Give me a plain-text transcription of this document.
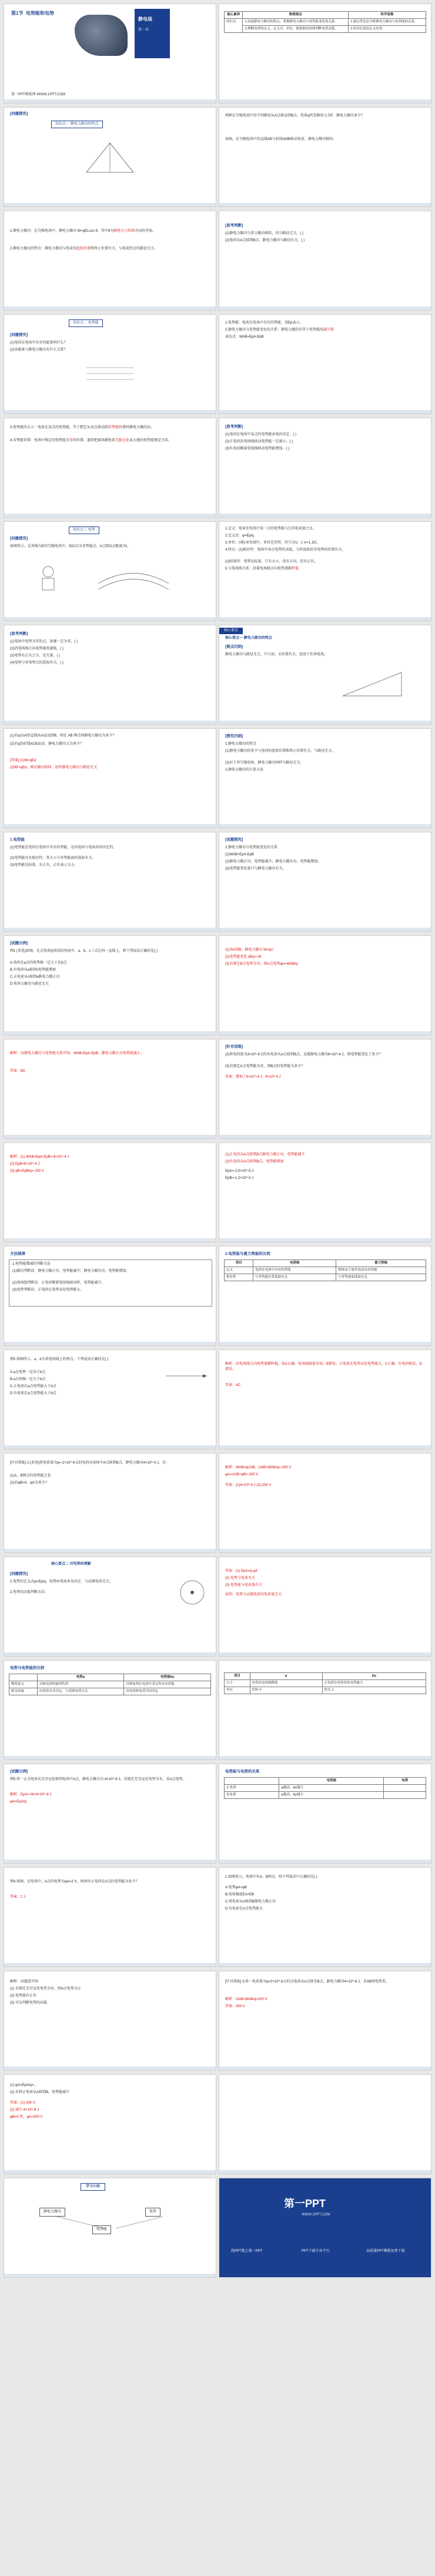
第1节 电势能和电势
静电场
第一章
第一PPT模板网-WWW.1PPT.COM
核心素养	物理观念	科学思维
知识点	1.知道静电力做功的特点，掌握静电力做功与电势能变化的关系。	1.通过类比法分析静电力做功与电势能的关系。
	2.理解电势的定义、定义式、单位，能根据电场线判断电势高低。	2.经历比值法定义电势。
[问题探究]
知识点一 静电力做功的特点
两种在匀强电场中沿不同路径从A点移动到B点，电荷q所受静电力为F，静电力做功多少？
如图，在匀强电场中沿直线AB与折线AMB移动电荷，静电力做功相同。
1.静电力做功：在匀强电场中，静电力做功 W=qELcos θ，其中θ为静电力与位移方向的夹角。
2.静电力做功的特点：静电力做功与电荷的起始位置和终止位置有关，与电荷经过的路径无关。
[思考判断]
(1)静电力做功与重力做功相似，均与路径无关。( )
(2)电荷从A点移到B点，静电力做功与路径有关。( )
知识点二 电势能
[问题探究]
(1)电荷在电场中具有的能量叫什么？
(2)该能量与静电力做功有什么关系？
1.电势能：电荷在电场中具有的势能，用Ep表示。
2.静电力做功与电势能变化的关系：静电力做的功等于电势能的减少量
表达式：WAB=EpA-EpB
3.电势能的大小：电荷在某点的电势能，等于把它从该点移动到零势能位置时静电力做的功。
4.零势能位置：电场中规定的电势能为零的位置，通常把离场源电荷无限远处或大地的电势能规定为零。
[思考判断]
(1)电荷在电场中某点的电势能由电荷决定。( )
(2)正电荷沿电场线移动电势能一定减小。( )
(3)负电荷顺着电场线移动电势能增加。( )
知识点三 电势
[问题探究]
如图所示，在场强为E的匀强电场中，取O点为零势能点，A点到O点距离为l。
1.定义：电荷在电场中某一点的电势能与它的电荷量之比。
2.定义式：φ=Ep/q
3.单位：国际单位制中，单位是伏特，符号为V，1 V=1 J/C。
4.特点：(1)相对性：电场中各点电势的高低，与所选取的零电势的位置有关。
(2)标量性：电势是标量，只有大小，没有方向，但有正负。
5.与电场线关系：沿着电场线方向电势逐渐降低
[思考判断]
(1)电场中电势为零的点，场强一定为零。( )
(2)沿电场线方向电势越来越低。( )
(3)电势有正负之分，是矢量。( )
(4)电势与零电势点的选取有关。( )
核心要点
核心要点一 静电力做功的特点
[要点归纳]
静电力做功与路径无关，只与初、末位置有关，适用于任何电场。
(1)若q以v0沿直线从A运动到B，则在 AB 两点间静电力做功为多少？
(2)若q沿折线ACB运动，静电力做功又为多少？
[答案] (1)W=qEd
(2)W'=qEd，两次做功相同，说明静电力做功与路径无关
[探究归纳]
1.静电力做功的特点
(1)静电力做功的多少与电荷的起始位置和终止位置有关，与路径无关。
(2)对于非匀强电场，静电力做功同样与路径无关。
2.静电力做功的计算方法
1.电势能
(1)电势能是电荷在电场中具有的势能，是由电荷与电场共同决定的。
(2)电势能具有相对性，其大小与零势能面的选取有关。
(3)电势能是标量，有正负，正负表示大小。
[试题探究]
2.静电力做功与电势能变化的关系
(1)WAB=EpA-EpB
(2)静电力做正功，电势能减少；静电力做负功，电势能增加。
(3)电势能变化量只与静电力做功有关。
[试题示例]
例1 (多选)如图，在点电荷Q形成的电场中，a、b、c三点在同一直线上，则下列说法正确的是( )
A.电荷在a点的电势能一定大于在b点
B.负电荷从a移到c电势能增加
C.正电荷从c移到a静电力做正功
D.电场力做功与路径无关
(1)由A到B，静电力做功 W=qU
(2)电势能变化 ΔEp=-W
(3)若规定B点电势为零，则A点电势φA=WAB/q
解析：由静电力做功与电势能关系可知：WAB=EpA-EpB，静电力做正功电势能减小。
答案：BC
[针对训练]
(2)将电荷量为3×10^-6 C的负电荷从A点移到B点，克服静电力做功6×10^-4 J，则电势能变化了多少？
(3)若规定A点电势能为零，则B点的电势能为多少？
答案：增加了6×10^-4 J；6×10^-4 J
解析：(1) WAB=EpA-EpB=-6×10^-4 J
(2) EpB=6×10^-4 J
(3) φB=EpB/q=-200 V
(1)正电荷从A点移到B点静电力做正功，电势能减少
(2)负电荷从A点移到B点，电势能增加
EpA=-2.0×10^-5 J
EpB=-1.2×10^-5 J
方法规律
1.电势能增减的判断方法
(1)做功判断法：静电力做正功，电势能减少；静电力做负功，电势能增加。
(2)电场线判断法：正电荷顺着电场线移动时，电势能减少。
(3)电势判断法：正电荷在电势高处电势能大。
2.电势能与重力势能的比较
项目	电势能	重力势能
定义	电荷在电场中具有的势能	物体由于被举高而具有的能
相对性	与零势能位置选取有关	与零势能面选取有关
例2 如图所示，a、b为某电场线上的两点，下列说法正确的是( )
A.a点电势一定高于b点
B.a点场强一定大于b点
C.正电荷在a点电势能大于b点
D.负电荷在a点电势能大于b点
解析：沿电场线方向电势逐渐降低，故A正确；电场线疏密未知，B错误；正电荷在电势高处电势能大，C正确；负电荷相反，D错误。
答案：AC
[针对训练] 2.(多选)将电荷量为q=-2×10^-6 C的电荷从电场中A点移到B点，静电力做功4×10^-4 J，求：
(1)A、B两点的电势能之差
(2)若φB=0，φA为多少？
解析：WAB=qUAB，UAB=WAB/q=-200 V
φA=UAB+φB=-200 V
答案：(1)4×10^-4 J (2)-200 V
核心要点二 对电势的理解
[问题探究]
1.电势的定义式φ=Ep/q，电势由电场本身决定，与试探电荷无关。
2.电势的高低判断方法：
答案：(1) EpA=q·φA
(2) 电势与电荷无关
(3) 电势能与电荷量有关
说明：电势与试探电荷的电荷量无关
电势与电势能的比较
	电势φ	电势能Ep
物理意义	反映电场的能的性质	反映电荷在电场中某点所具有的能
相关因素	由电场本身决定，与试探电荷无关	由电场和电荷共同决定
项目	φ	Ep
大小	电势沿电场线降低	正电荷在电势高处电势能大
单位	伏特 V	焦耳 J
[试题示例]
例3 将一正点电荷从无穷远处移到电场中A点，静电力做功为-4×10^-8 J，若规定无穷远处电势为零，求A点电势。
解析：EpA=-W=4×10^-8 J
φA=EpA/q
电势能与电势的关系
	电势能	电势
正电荷	φ越高，Ep越大	
负电荷	φ越高，Ep越小	
例4 如图，在电场中，A点的电势为φA=2 V，则单位正电荷在A点的电势能为多少？
答案：2 J
1.如图所示，电场中有A、B两点，则下列说法中正确的是( )
A.电势φA>φB
B.电场强度EA>EB
C.将电荷从A移到B静电力做正功
D.负电荷在A点电势能大
解析：由题意可知
(1) 若规定无穷远处电势为零，则A点电势为正
(2) 电势能有正负
(3) 可以判断电势的高低
[针对训练] 3.将一电荷量为q=2×10^-8 C的点电荷从A点移至B点，静电力做功4×10^-6 J，求AB间电势差。
解析：UAB=WAB/q=200 V
答案：200 V
(1) φA=EpA/q=...
(2) 若将正电荷从A移到B，电势能减少
答案：(1) 200 V
(2) 减少 4×10^-6 J
φB=0 时，φA=200 V
学习小结
静电力做功
电势能
电势
第一PPT
WWW.1PPT.COM
找PPT就上第一PPT	PPT下载专业平台	高质量PPT模板免费下载
